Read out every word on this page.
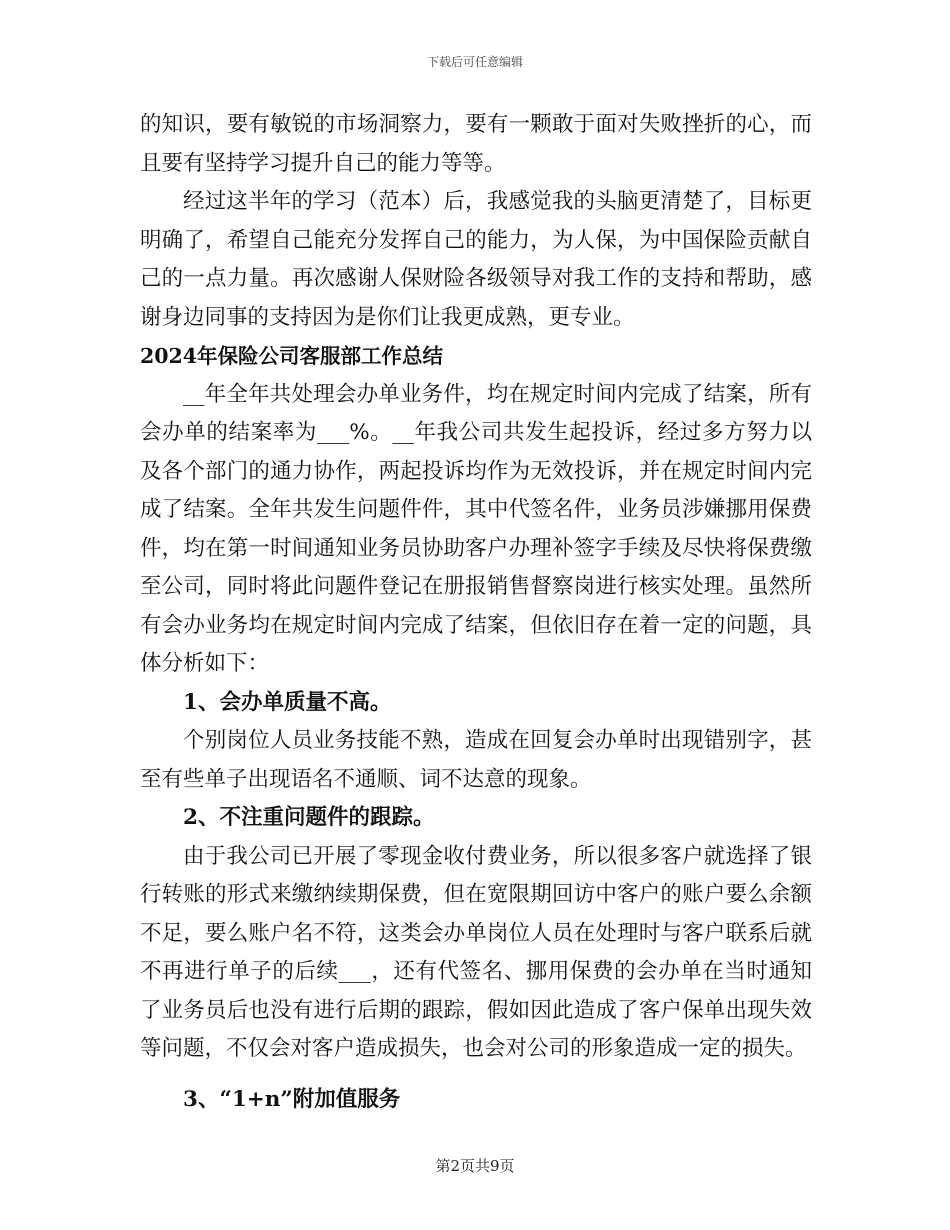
下载后可任意编辑

的知识，要有敏锐的市场洞察力，要有一颗敢于面对失败挫折的心，而且要有坚持学习提升自己的能力等等。

经过这半年的学习（范本）后，我感觉我的头脑更清楚了，目标更明确了，希望自己能充分发挥自己的能力，为人保，为中国保险贡献自己的一点力量。再次感谢人保财险各级领导对我工作的支持和帮助，感谢身边同事的支持因为是你们让我更成熟，更专业。

2024年保险公司客服部工作总结

__年全年共处理会办单业务件，均在规定时间内完成了结案，所有会办单的结案率为___%。__年我公司共发生起投诉，经过多方努力以及各个部门的通力协作，两起投诉均作为无效投诉，并在规定时间内完成了结案。全年共发生问题件件，其中代签名件，业务员涉嫌挪用保费件，均在第一时间通知业务员协助客户办理补签字手续及尽快将保费缴至公司，同时将此问题件登记在册报销售督察岗进行核实处理。虽然所有会办业务均在规定时间内完成了结案，但依旧存在着一定的问题，具体分析如下：

1、会办单质量不高。

个别岗位人员业务技能不熟，造成在回复会办单时出现错别字，甚至有些单子出现语名不通顺、词不达意的现象。

2、不注重问题件的跟踪。

由于我公司已开展了零现金收付费业务，所以很多客户就选择了银行转账的形式来缴纳续期保费，但在宽限期回访中客户的账户要么余额不足，要么账户名不符，这类会办单岗位人员在处理时与客户联系后就不再进行单子的后续___，还有代签名、挪用保费的会办单在当时通知了业务员后也没有进行后期的跟踪，假如因此造成了客户保单出现失效等问题，不仅会对客户造成损失，也会对公司的形象造成一定的损失。

3、“1+n”附加值服务

第2页共9页
